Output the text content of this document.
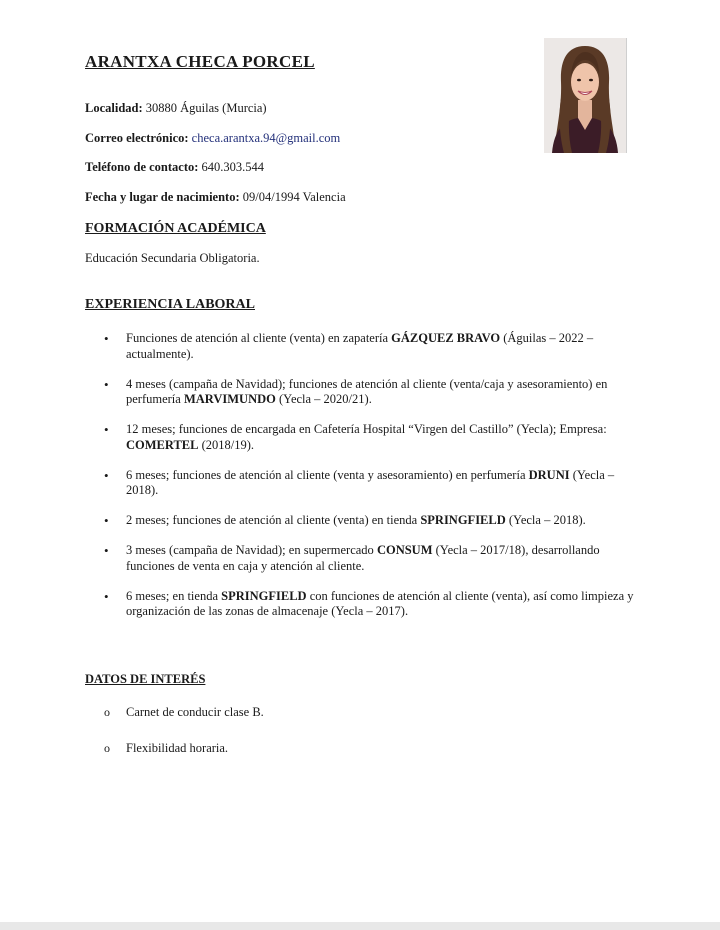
ARANTXA CHECA PORCEL

Localidad: 30880 Águilas (Murcia)

Correo electrónico: checa.arantxa.94@gmail.com

Teléfono de contacto: 640.303.544

Fecha y lugar de nacimiento: 09/04/1994 Valencia

FORMACIÓN ACADÉMICA

Educación Secundaria Obligatoria.

EXPERIENCIA LABORAL
• Funciones de atención al cliente (venta) en zapatería GÁZQUEZ BRAVO (Águilas – 2022 – actualmente).
• 4 meses (campaña de Navidad); funciones de atención al cliente (venta/caja y asesoramiento) en perfumería MARVIMUNDO (Yecla – 2020/21).
• 12 meses; funciones de encargada en Cafetería Hospital “Virgen del Castillo” (Yecla); Empresa: COMERTEL (2018/19).
• 6 meses; funciones de atención al cliente (venta y asesoramiento) en perfumería DRUNI (Yecla – 2018).
• 2 meses; funciones de atención al cliente (venta) en tienda SPRINGFIELD (Yecla – 2018).
• 3 meses (campaña de Navidad); en supermercado CONSUM (Yecla – 2017/18), desarrollando funciones de venta en caja y atención al cliente.
• 6 meses; en tienda SPRINGFIELD con funciones de atención al cliente (venta), así como limpieza y organización de las zonas de almacenaje (Yecla – 2017).
DATOS DE INTERÉS
o Carnet de conducir clase B.
o Flexibilidad horaria.
